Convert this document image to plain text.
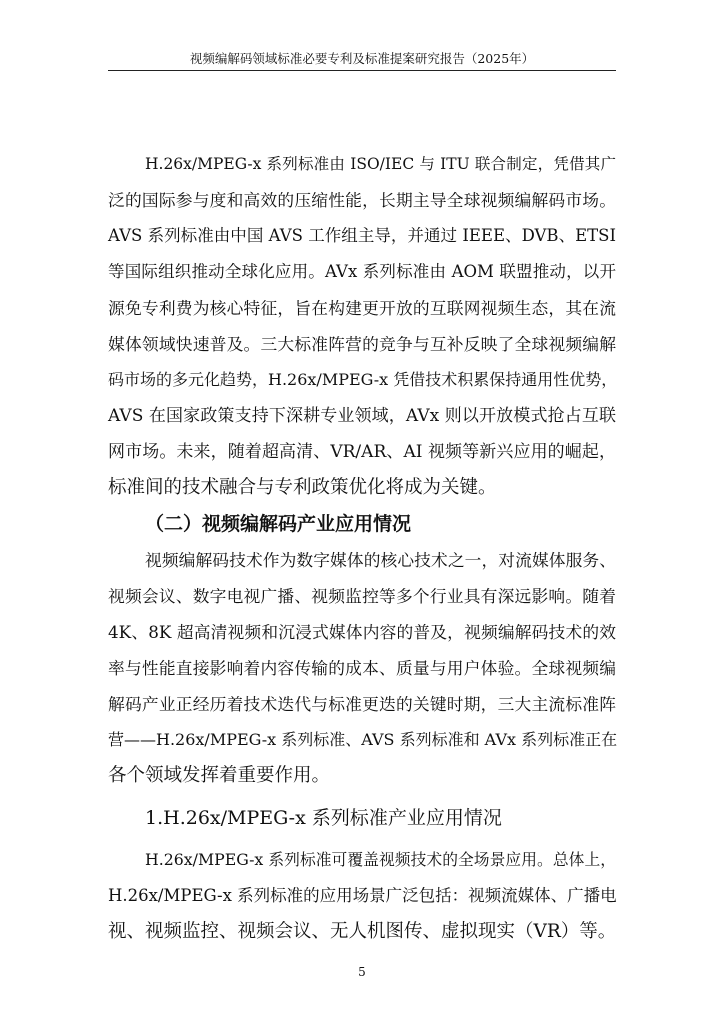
视频编解码领域标准必要专利及标准提案研究报告（2025年）
H.26x/MPEG-x 系列标准由 ISO/IEC 与 ITU 联合制定，凭借其广
泛的国际参与度和高效的压缩性能，长期主导全球视频编解码市场。
AVS 系列标准由中国 AVS 工作组主导，并通过 IEEE、DVB、ETSI
等国际组织推动全球化应用。AVx 系列标准由 AOM 联盟推动，以开
源免专利费为核心特征，旨在构建更开放的互联网视频生态，其在流
媒体领域快速普及。三大标准阵营的竞争与互补反映了全球视频编解
码市场的多元化趋势，H.26x/MPEG-x 凭借技术积累保持通用性优势，
AVS 在国家政策支持下深耕专业领域，AVx 则以开放模式抢占互联
网市场。未来，随着超高清、VR/AR、AI 视频等新兴应用的崛起，
标准间的技术融合与专利政策优化将成为关键。
（二）视频编解码产业应用情况
视频编解码技术作为数字媒体的核心技术之一，对流媒体服务、
视频会议、数字电视广播、视频监控等多个行业具有深远影响。随着
4K、8K 超高清视频和沉浸式媒体内容的普及，视频编解码技术的效
率与性能直接影响着内容传输的成本、质量与用户体验。全球视频编
解码产业正经历着技术迭代与标准更迭的关键时期，三大主流标准阵
营——H.26x/MPEG-x 系列标准、AVS 系列标准和 AVx 系列标准正在
各个领域发挥着重要作用。
1.H.26x/MPEG-x 系列标准产业应用情况
H.26x/MPEG-x 系列标准可覆盖视频技术的全场景应用。总体上，
H.26x/MPEG-x 系列标准的应用场景广泛包括：视频流媒体、广播电
视、视频监控、视频会议、无人机图传、虚拟现实（VR）等。
5
